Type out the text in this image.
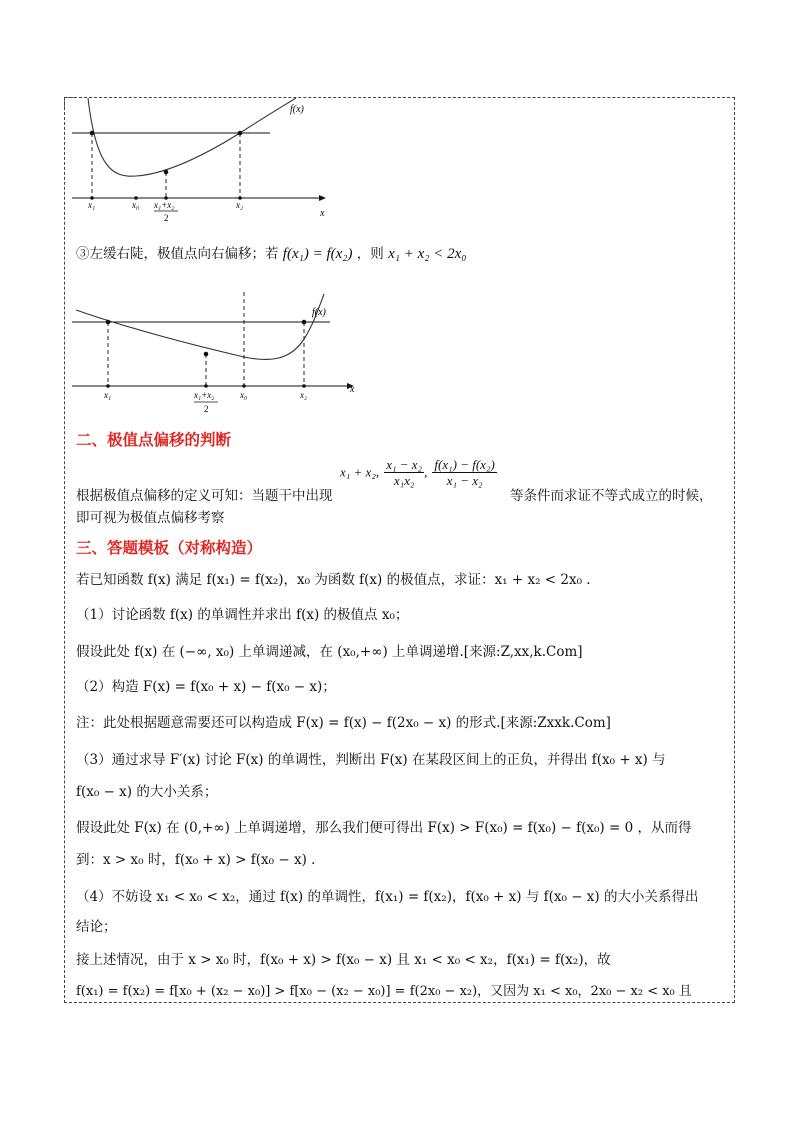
x
f(x)
x₁	x₀ x₁+x₂
2
x₂
③左缓右陡，极值点向右偏移；若 f(x₁) = f(x₂) ，则 x₁ + x₂ < 2x₀
x
f(x)
x₁	x₁+x₂
2
x₀	x₂
二、极值点偏移的判断
x₁ + x₂, $\frac{\text{x₁ − x₂}}{\text{x₁x₂}}$ , $\frac{\text{f(x₁) − f(x₂)}}{\text{x₁ − x₂}}$
根据极值点偏移的定义可知：当题干中出现	等条件而求证不等式成立的时候，
即可视为极值点偏移考察
三、答题模板（对称构造）
若已知函数 f(x) 满足 f(x₁) = f(x₂)，x₀ 为函数 f(x) 的极值点，求证：x₁ + x₂ < 2x₀ .
（1）讨论函数 f(x) 的单调性并求出 f(x) 的极值点 x₀；
假设此处 f(x) 在 (−∞, x₀) 上单调递减，在 (x₀,+∞) 上单调递增.[来源:Z,xx,k.Com]
（2）构造 F(x) = f(x₀ + x) − f(x₀ − x)；
注：此处根据题意需要还可以构造成 F(x) = f(x) − f(2x₀ − x) 的形式.[来源:Zxxk.Com]
（3）通过求导 F′(x) 讨论 F(x) 的单调性，判断出 F(x) 在某段区间上的正负，并得出 f(x₀ + x) 与
f(x₀ − x) 的大小关系；
假设此处 F(x) 在 (0,+∞) 上单调递增，那么我们便可得出 F(x) > F(x₀) = f(x₀) − f(x₀) = 0 ，从而得
到：x > x₀ 时，f(x₀ + x) > f(x₀ − x) .
（4）不妨设 x₁ < x₀ < x₂，通过 f(x) 的单调性，f(x₁) = f(x₂)，f(x₀ + x) 与 f(x₀ − x) 的大小关系得出
结论；
接上述情况，由于 x > x₀ 时，f(x₀ + x) > f(x₀ − x) 且 x₁ < x₀ < x₂，f(x₁) = f(x₂)，故
f(x₁) = f(x₂) = f[x₀ + (x₂ − x₀)] > f[x₀ − (x₂ − x₀)] = f(2x₀ − x₂)，又因为 x₁ < x₀，2x₀ − x₂ < x₀ 且
